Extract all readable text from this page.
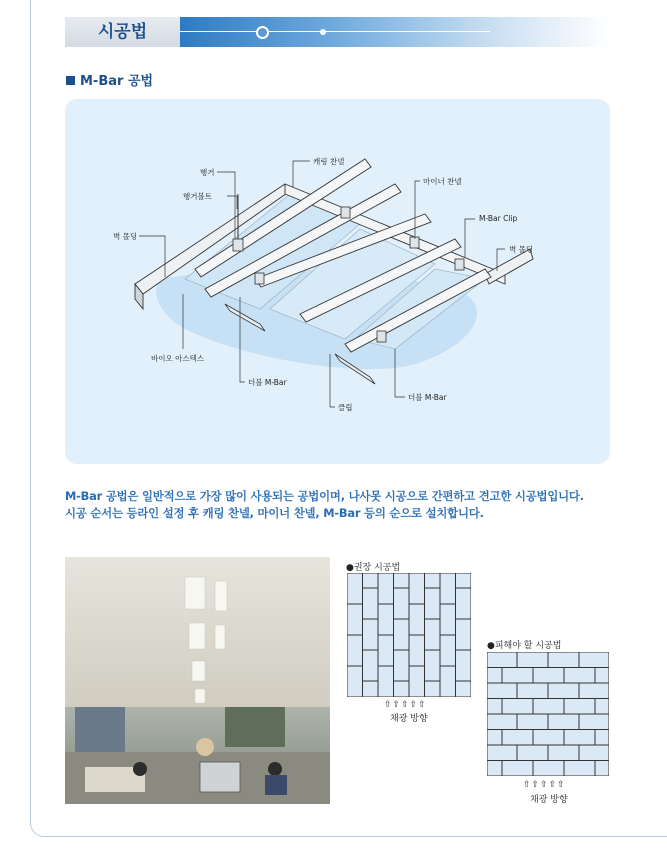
시공법
M-Bar 공법
행거
행거볼트
캐링 찬넬
마이너 찬넬
M-Bar Clip
벽 몰딩
벽 몰딩
바이오 아스텍스
더블 M-Bar
클립
더블 M-Bar
M-Bar 공법은 일반적으로 가장 많이 사용되는 공법이며, 나사못 시공으로 간편하고 견고한 시공법입니다.
시공 순서는 등라인 설정 후 캐링 찬넬, 마이너 찬넬, M-Bar 등의 순으로 설치합니다.
●권장 시공법
⇧⇧⇧⇧⇧
채광 방향
●피해야 할 시공법
⇧⇧⇧⇧⇧
채광 방향
